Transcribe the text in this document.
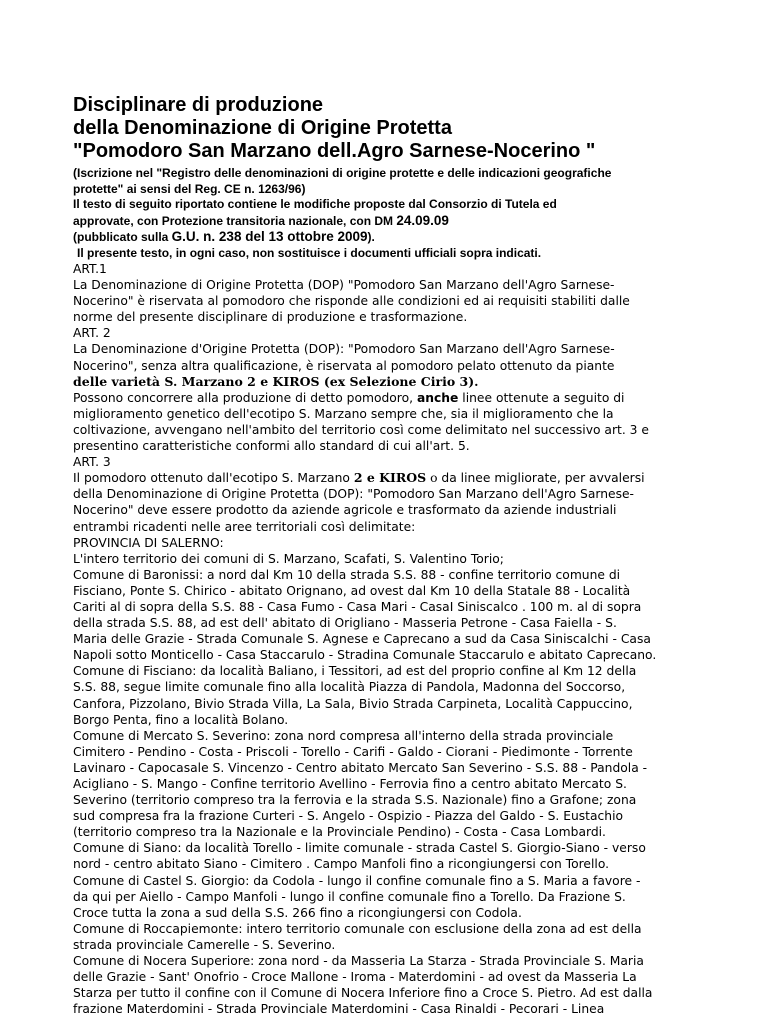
Disciplinare di produzione
della Denominazione di Origine Protetta
"Pomodoro San Marzano dell.Agro Sarnese-Nocerino "
(Iscrizione nel "Registro delle denominazioni di origine protette e delle indicazioni geografiche
protette" ai sensi del Reg. CE n. 1263/96)
Il testo di seguito riportato contiene le modifiche proposte dal Consorzio di Tutela ed
approvate, con Protezione transitoria nazionale, con DM 24.09.09
(pubblicato sulla G.U. n. 238 del 13 ottobre 2009).
Il presente testo, in ogni caso, non sostituisce i documenti ufficiali sopra indicati.
ART.1
La Denominazione di Origine Protetta (DOP) "Pomodoro San Marzano dell'Agro Sarnese-
Nocerino" è riservata al pomodoro che risponde alle condizioni ed ai requisiti stabiliti dalle
norme del presente disciplinare di produzione e trasformazione.
ART. 2
La Denominazione d'Origine Protetta (DOP): "Pomodoro San Marzano dell'Agro Sarnese-
Nocerino", senza altra qualificazione, è riservata al pomodoro pelato ottenuto da piante
delle varietà S. Marzano 2 e KIROS (ex Selezione Cirio 3).
Possono concorrere alla produzione di detto pomodoro, anche linee ottenute a seguito di
miglioramento genetico dell'ecotipo S. Marzano sempre che, sia il miglioramento che la
coltivazione, avvengano nell'ambito del territorio così come delimitato nel successivo art. 3 e
presentino caratteristiche conformi allo standard di cui all'art. 5.
ART. 3
Il pomodoro ottenuto dall'ecotipo S. Marzano 2 e KIROS o da linee migliorate, per avvalersi
della Denominazione di Origine Protetta (DOP): "Pomodoro San Marzano dell'Agro Sarnese-
Nocerino" deve essere prodotto da aziende agricole e trasformato da aziende industriali
entrambi ricadenti nelle aree territoriali così delimitate:
PROVINCIA DI SALERNO:
L'intero territorio dei comuni di S. Marzano, Scafati, S. Valentino Torio;
Comune di Baronissi: a nord dal Km 10 della strada S.S. 88 - confine territorio comune di
Fisciano, Ponte S. Chirico - abitato Orignano, ad ovest dal Km 10 della Statale 88 - Località
Cariti al di sopra della S.S. 88 - Casa Fumo - Casa Mari - CasaI Siniscalco . 100 m. al di sopra
della strada S.S. 88, ad est dell' abitato di Origliano - Masseria Petrone - Casa Faiella - S.
Maria delle Grazie - Strada Comunale S. Agnese e Caprecano a sud da Casa Siniscalchi - Casa
Napoli sotto Monticello - Casa Staccarulo - Stradina Comunale Staccarulo e abitato Caprecano.
Comune di Fisciano: da località Baliano, i Tessitori, ad est del proprio confine al Km 12 della
S.S. 88, segue limite comunale fino alla località Piazza di Pandola, Madonna del Soccorso,
Canfora, Pizzolano, Bivio Strada Villa, La Sala, Bivio Strada Carpineta, Località Cappuccino,
Borgo Penta, fino a località Bolano.
Comune di Mercato S. Severino: zona nord compresa all'interno della strada provinciale
Cimitero - Pendino - Costa - Priscoli - Torello - Carifi - Galdo - Ciorani - Piedimonte - Torrente
Lavinaro - Capocasale S. Vincenzo - Centro abitato Mercato San Severino - S.S. 88 - Pandola -
Acigliano - S. Mango - Confine territorio Avellino - Ferrovia fino a centro abitato Mercato S.
Severino (territorio compreso tra la ferrovia e la strada S.S. Nazionale) fino a Grafone; zona
sud compresa fra la frazione Curteri - S. Angelo - Ospizio - Piazza del Galdo - S. Eustachio
(territorio compreso tra la Nazionale e la Provinciale Pendino) - Costa - Casa Lombardi.
Comune di Siano: da località Torello - limite comunale - strada Castel S. Giorgio-Siano - verso
nord - centro abitato Siano - Cimitero . Campo Manfoli fino a ricongiungersi con Torello.
Comune di Castel S. Giorgio: da Codola - lungo il confine comunale fino a S. Maria a favore -
da qui per Aiello - Campo Manfoli - lungo il confine comunale fino a Torello. Da Frazione S.
Croce tutta la zona a sud della S.S. 266 fino a ricongiungersi con Codola.
Comune di Roccapiemonte: intero territorio comunale con esclusione della zona ad est della
strada provinciale Camerelle - S. Severino.
Comune di Nocera Superiore: zona nord - da Masseria La Starza - Strada Provinciale S. Maria
delle Grazie - Sant' Onofrio - Croce Mallone - Iroma - Materdomini - ad ovest da Masseria La
Starza per tutto il confine con il Comune di Nocera Inferiore fino a Croce S. Pietro. Ad est dalla
frazione Materdomini - Strada Provinciale Materdomini - Casa Rinaldi - Pecorari - Linea
